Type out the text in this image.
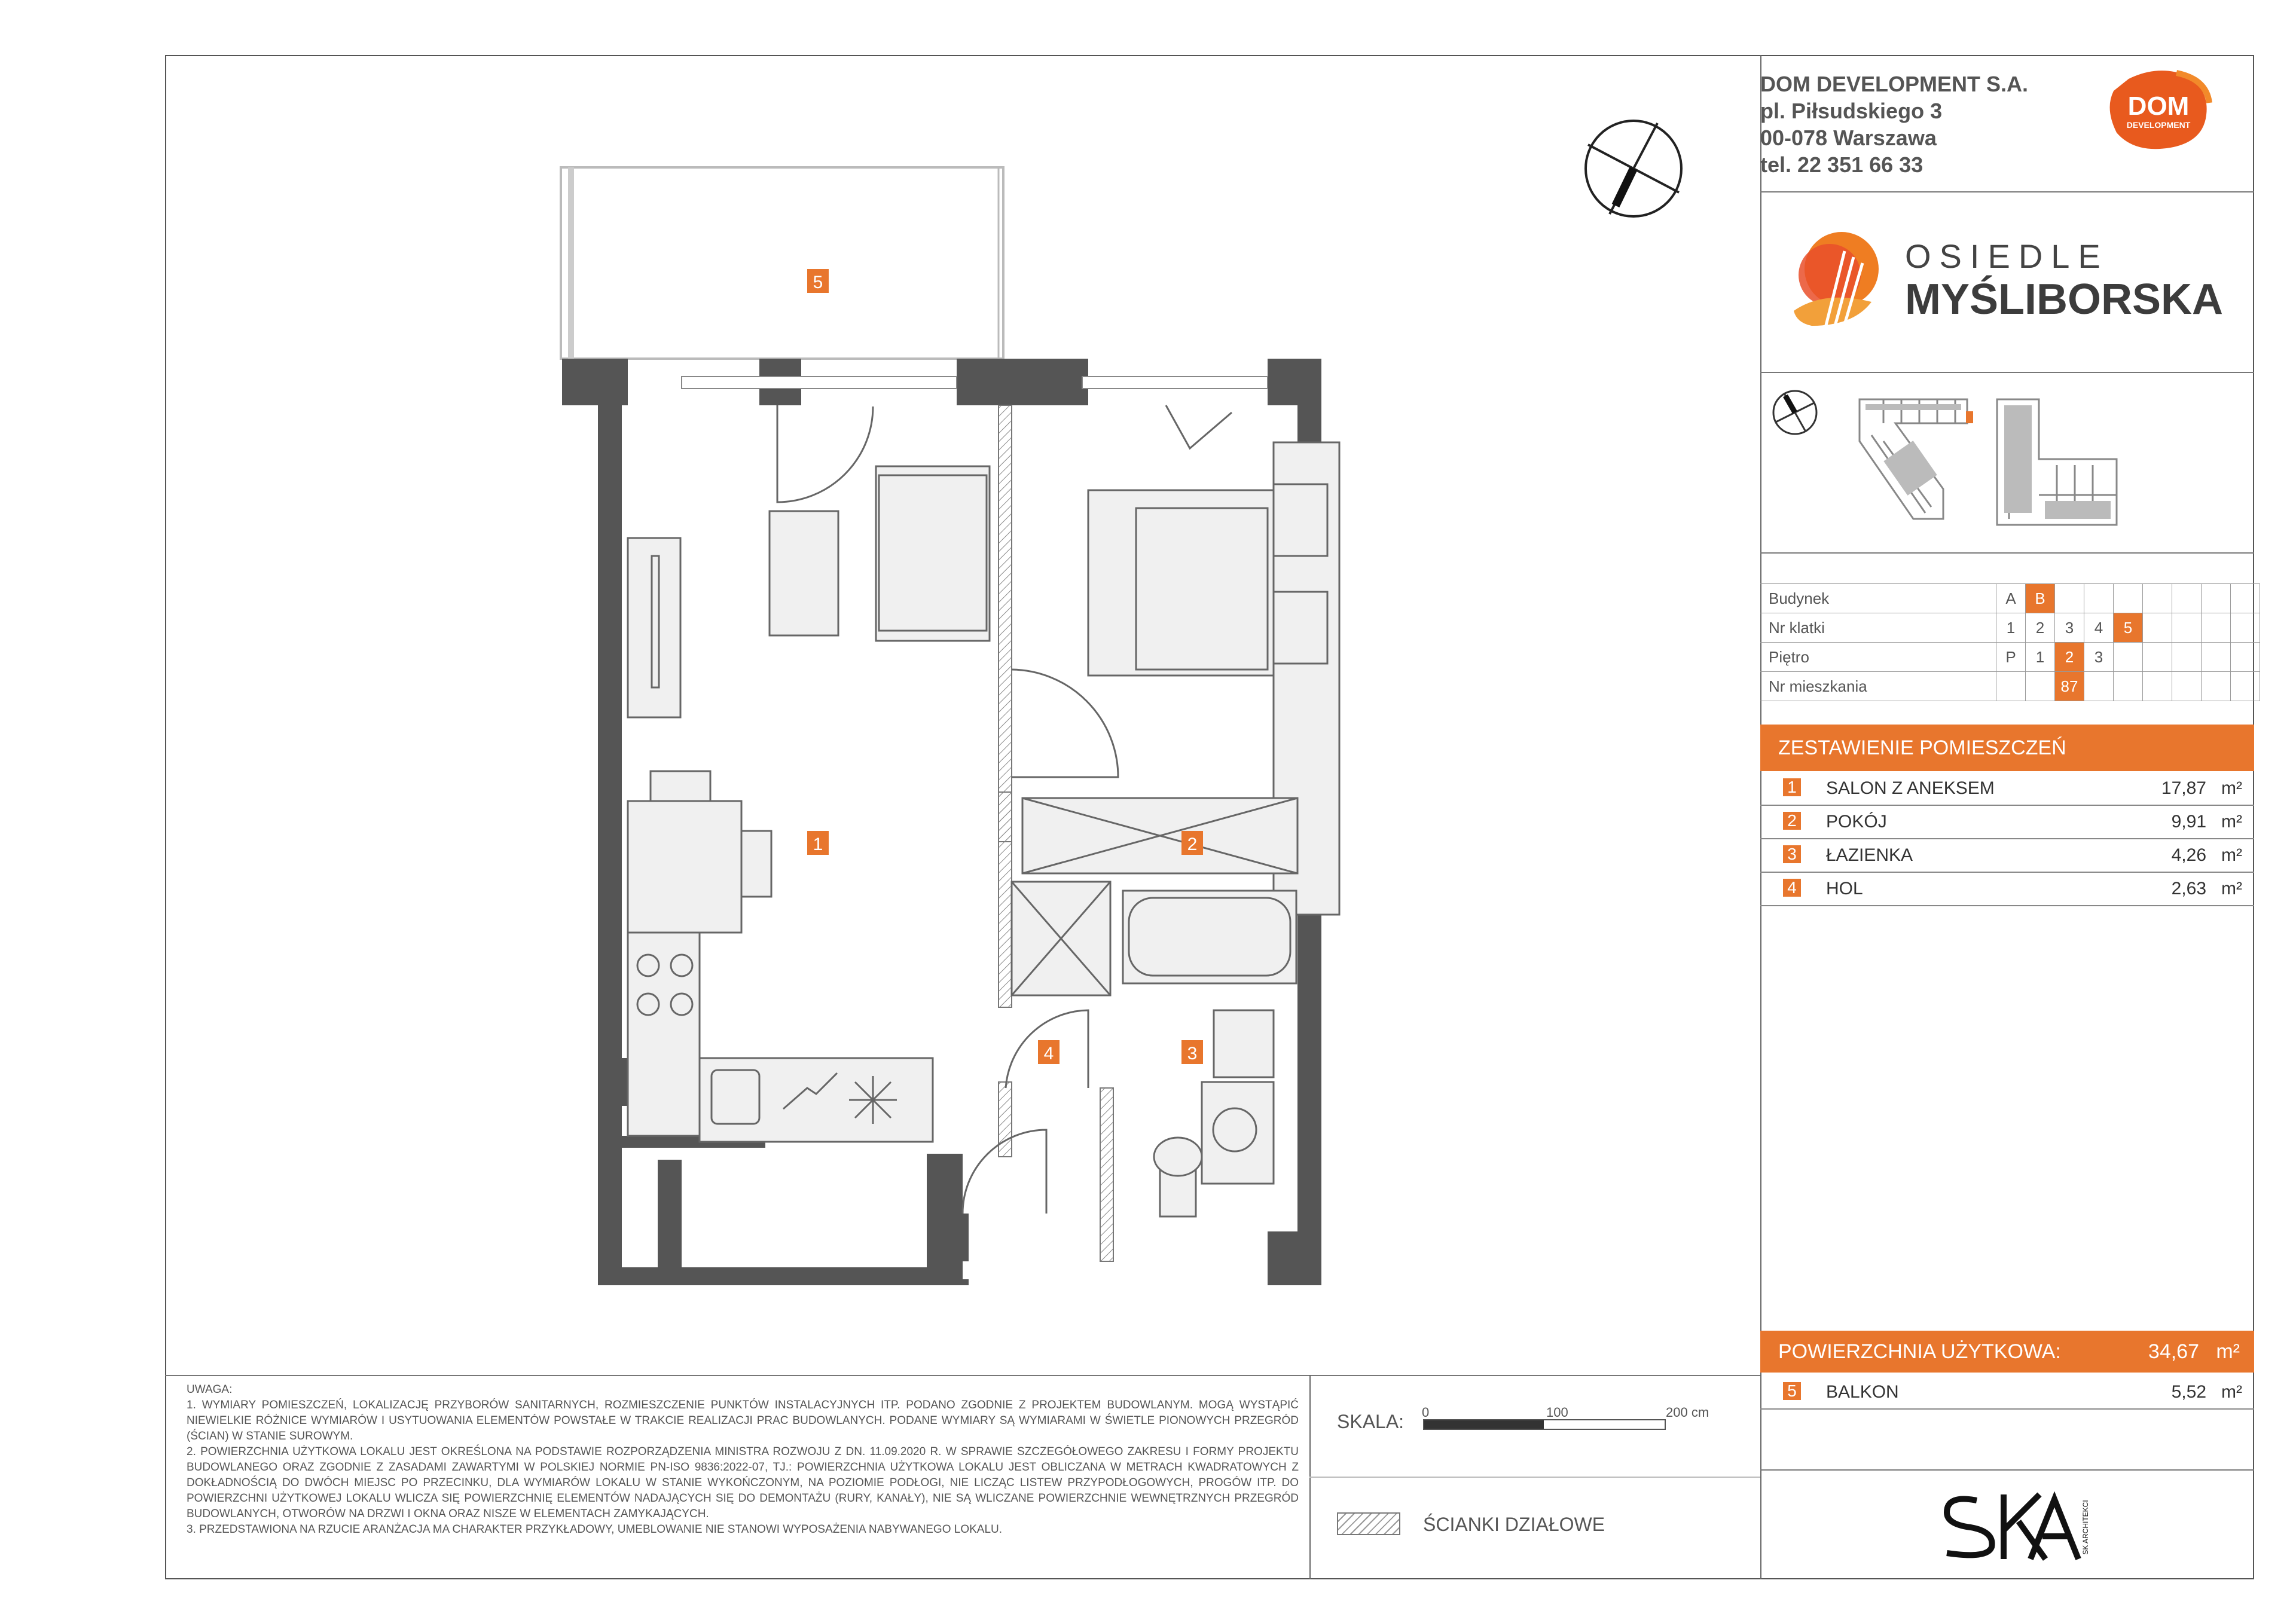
DOM DEVELOPMENT S.A.
pl. Piłsudskiego 3
00-078 Warszawa
tel. 22 351 66 33
DOM
DEVELOPMENT
OSIEDLE
MYŚLIBORSKA
Budynek	A	B							
Nr klatki	1	2	3	4	5				
Piętro	P	1	2	3					
Nr mieszkania			87						
ZESTAWIENIE POMIESZCZEŃ
1 SALON Z ANEKSEM	17,87 m²
2 POKÓJ	9,91 m²
3 ŁAZIENKA	4,26 m²
4 HOL	2,63 m²
POWIERZCHNIA UŻYTKOWA:	34,67 m²
5 BALKON	5,52 m²
SK ARCHITEKCI
UWAGA:
1. WYMIARY POMIESZCZEŃ, LOKALIZACJĘ PRZYBORÓW SANITARNYCH, ROZMIESZCZENIE PUNKTÓW INSTALACYJNYCH ITP. PODANO ZGODNIE Z PROJEKTEM BUDOWLANYM. MOGĄ WYSTĄPIĆ NIEWIELKIE RÓŻNICE WYMIARÓW I USYTUOWANIA ELEMENTÓW POWSTAŁE W TRAKCIE REALIZACJI PRAC BUDOWLANYCH. PODANE WYMIARY SĄ WYMIARAMI W ŚWIETLE PIONOWYCH PRZEGRÓD (ŚCIAN) W STANIE SUROWYM.
2. POWIERZCHNIA UŻYTKOWA LOKALU JEST OKREŚLONA NA PODSTAWIE ROZPORZĄDZENIA MINISTRA ROZWOJU Z DN. 11.09.2020 R. W SPRAWIE SZCZEGÓŁOWEGO ZAKRESU I FORMY PROJEKTU BUDOWLANEGO ORAZ ZGODNIE Z ZASADAMI ZAWARTYMI W POLSKIEJ NORMIE PN-ISO 9836:2022-07, TJ.: POWIERZCHNIA UŻYTKOWA LOKALU JEST OBLICZANA W METRACH KWADRATOWYCH Z DOKŁADNOŚCIĄ DO DWÓCH MIEJSC PO PRZECINKU, DLA WYMIARÓW LOKALU W STANIE WYKOŃCZONYM, NA POZIOMIE PODŁOGI, NIE LICZĄC LISTEW PRZYPODŁOGOWYCH, PROGÓW ITP. DO POWIERZCHNI UŻYTKOWEJ LOKALU WLICZA SIĘ POWIERZCHNIĘ ELEMENTÓW NADAJĄCYCH SIĘ DO DEMONTAŻU (RURY, KANAŁY), NIE SĄ WLICZANE POWIERZCHNIE WEWNĘTRZNYCH PRZEGRÓD BUDOWLANYCH, OTWORÓW NA DRZWI I OKNA ORAZ NISZE W ELEMENTACH ZAMYKAJĄCYCH.
3. PRZEDSTAWIONA NA RZUCIE ARANŻACJA MA CHARAKTER PRZYKŁADOWY, UMEBLOWANIE NIE STANOWI WYPOSAŻENIA NABYWANEGO LOKALU.
SKALA: 0	100	200 cm
ŚCIANKI DZIAŁOWE
5
1	2
3
4
